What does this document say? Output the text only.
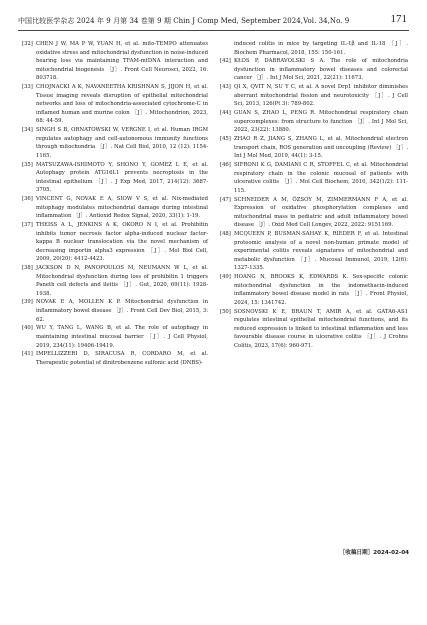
中国比较医学杂志 2024 年 9 月第 34 卷第 9 期 Chin J Comp Med, September 2024,Vol. 34,No. 9	171
[32] CHEN J W, MA P W, YUAN H, et al. mito-TEMPO attenuates oxidative stress and mitochondrial dysfunction in noise-induced hearing loss via maintaining TFAM-mtDNA interaction and mitochondrial biogenesis ［J］. Front Cell Neurosci, 2022, 16: 803718.
[33] CHOJNACKI A K, NAVANEETHA KRISHNAN S, JIJON H, et al. Tissue imaging reveals disruption of epithelial mitochondrial networks and loss of mitochondria-associated cytochrome-C in inflamed human and murine colon ［J］. Mitochondrion, 2023, 68: 44-59.
[34] SINGH S B, ORNATOWSKI W, VERGNE I, et al. Human IRGM regulates autophagy and cell-autonomous immunity functions through mitochondria ［J］. Nat Cell Biol, 2010, 12 (12): 1154-1165.
[35] MATSUZAWA-ISHIMOTO Y, SHONO Y, GOMEZ L E, et al. Autophagy protein ATG16L1 prevents necroptosis in the intestinal epithelium ［J］. J Exp Med, 2017, 214(12): 3687-3705.
[36] VINCENT G, NOVAK E A, SIOW V S, et al. Nix-mediated mitophagy modulates mitochondrial damage during intestinal inflammation ［J］. Antioxid Redox Signal, 2020, 33(1): 1-19.
[37] THEISS A L, JENKINS A K, OKORO N I, et al. Prohibitin inhibits tumor necrosis factor alpha-induced nuclear factor-kappa B nuclear translocation via the novel mechanism of decreasing importin alpha3 expression ［J］. Mol Biol Cell, 2009, 20(20): 4412-4423.
[38] JACKSON D N, PANOPOULOS M, NEUMANN W L, et al. Mitochondrial dysfunction during loss of prohibitin 1 triggers Paneth cell defects and ileitis ［J］. Gut, 2020, 69(11): 1928-1938.
[39] NOVAK E A, MOLLEN K P. Mitochondrial dysfunction in inflammatory bowel disease ［J］. Front Cell Dev Biol, 2015, 3: 62.
[40] WU Y, TANG L, WANG B, et al. The role of autophagy in maintaining intestinal mucosal barrier ［J］. J Cell Physiol, 2019, 234(11): 19406-19419.
[41] IMPELLIZZERI D, SIRACUSA R, CORDARO M, et al. Therapeutic potential of dinitrobenzene sulfonic acid (DNBS)-
induced colitis in mice by targeting IL-1β and IL-18 ［J］. Biochem Pharmacol, 2018, 155: 150-161.
[42] KŁOS P, DABRAVOLSKI S A. The role of mitochondria dysfunction in inflammatory bowel diseases and colorectal cancer ［J］. Int J Mol Sci, 2021, 22(21): 11673.
[43] QI X, QVIT N, SU Y C, et al. A novel Drp1 inhibitor diminishes aberrant mitochondrial fission and neurotoxicity ［J］. J Cell Sci, 2013, 126(Pt 3): 789-802.
[44] GUAN S, ZHAO L, PENG R. Mitochondrial respiratory chain supercomplexes: from structure to function ［J］. Int J Mol Sci, 2022, 23(22): 13880.
[45] ZHAO R Z, JIANG S, ZHANG L, et al. Mitochondrial electron transport chain, ROS generation and uncoupling (Review) ［J］. Int J Mol Med, 2019, 44(1): 3-15.
[46] SIFRONI K G, DAMIANI C R, STOFFEL C, et al. Mitochondrial respiratory chain in the colonic mucosal of patients with ulcerative colitis ［J］. Mol Cell Biochem, 2010, 342(1/2): 111-115.
[47] SCHNEIDER A M, ÖZSOY M, ZIMMERMANN F A, et al. Expression of oxidative phosphorylation complexes and mitochondrial mass in pediatric and adult inflammatory bowel disease ［J］. Oxid Med Cell Longev, 2022, 2022: 9151169.
[48] MCQUEEN P, BUSMAN-SAHAY K, RIEDER F, et al. Intestinal proteomic analysis of a novel non-human primate model of experimental colitis reveals signatures of mitochondrial and metabolic dysfunction ［J］. Mucosal Immunol, 2019, 12(6): 1327-1335.
[49] HOANG N, BROOKS K, EDWARDS K. Sex-specific colonic mitochondrial dysfunction in the indomethacin-induced inflammatory bowel disease model in rats ［J］. Front Physiol, 2024, 15: 1341742.
[50] SOSNOVSKI K E, BRAUN T, AMIR A, et al. GATA6-AS1 regulates intestinal epithelial mitochondrial functions, and its reduced expression is linked to intestinal inflammation and less favourable disease course in ulcerative colitis ［J］. J Crohns Colitis, 2023, 17(6): 960-971.
［收稿日期］2024-02-04
